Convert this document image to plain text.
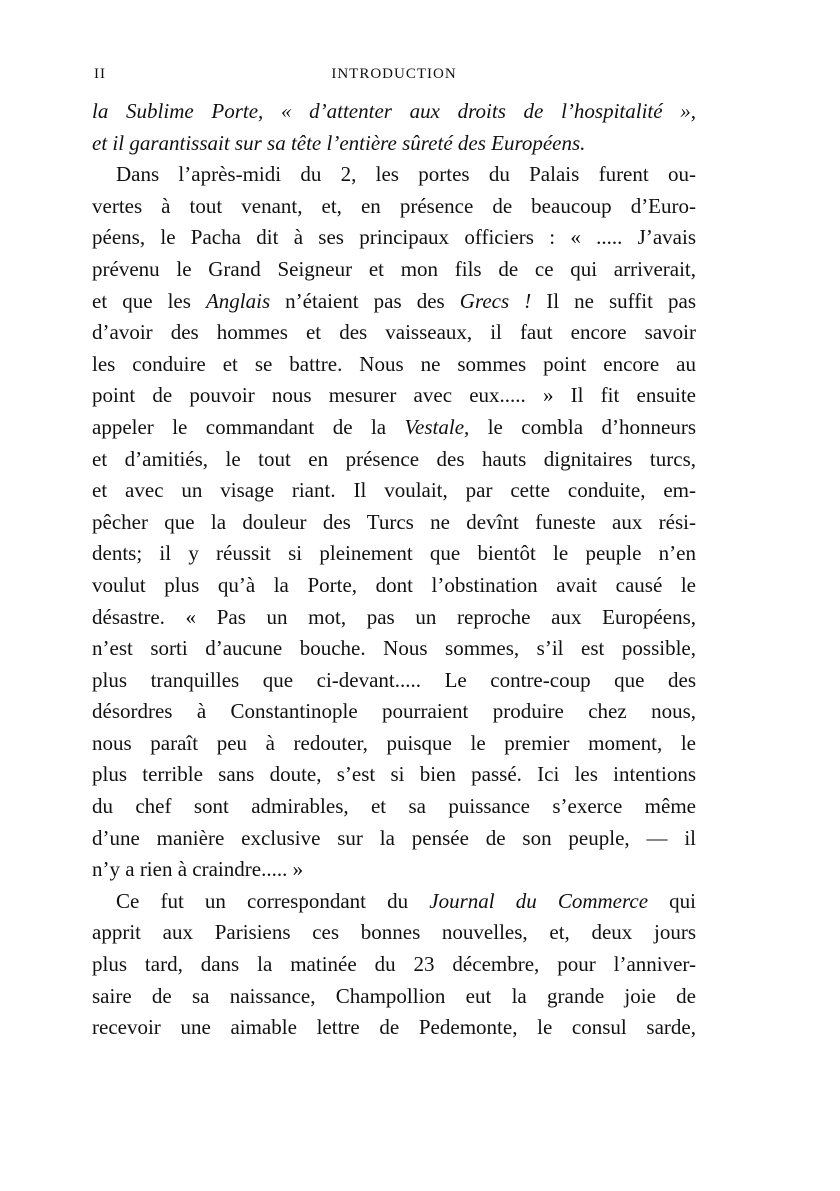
II	INTRODUCTION
la Sublime Porte, « d’attenter aux droits de l’hospitalité »,
et il garantissait sur sa tête l’entière sûreté des Européens.
Dans l’après-midi du 2, les portes du Palais furent ou-
vertes à tout venant, et, en présence de beaucoup d’Euro-
péens, le Pacha dit à ses principaux officiers : « ..... J’avais
prévenu le Grand Seigneur et mon fils de ce qui arriverait,
et que les Anglais n’étaient pas des Grecs ! Il ne suffit pas
d’avoir des hommes et des vaisseaux, il faut encore savoir
les conduire et se battre. Nous ne sommes point encore au
point de pouvoir nous mesurer avec eux..... » Il fit ensuite
appeler le commandant de la Vestale, le combla d’honneurs
et d’amitiés, le tout en présence des hauts dignitaires turcs,
et avec un visage riant. Il voulait, par cette conduite, em-
pêcher que la douleur des Turcs ne devînt funeste aux rési-
dents; il y réussit si pleinement que bientôt le peuple n’en
voulut plus qu’à la Porte, dont l’obstination avait causé le
désastre. « Pas un mot, pas un reproche aux Européens,
n’est sorti d’aucune bouche. Nous sommes, s’il est possible,
plus tranquilles que ci-devant..... Le contre-coup que des
désordres à Constantinople pourraient produire chez nous,
nous paraît peu à redouter, puisque le premier moment, le
plus terrible sans doute, s’est si bien passé. Ici les intentions
du chef sont admirables, et sa puissance s’exerce même
d’une manière exclusive sur la pensée de son peuple, — il
n’y a rien à craindre..... »
Ce fut un correspondant du Journal du Commerce qui
apprit aux Parisiens ces bonnes nouvelles, et, deux jours
plus tard, dans la matinée du 23 décembre, pour l’anniver-
saire de sa naissance, Champollion eut la grande joie de
recevoir une aimable lettre de Pedemonte, le consul sarde,
